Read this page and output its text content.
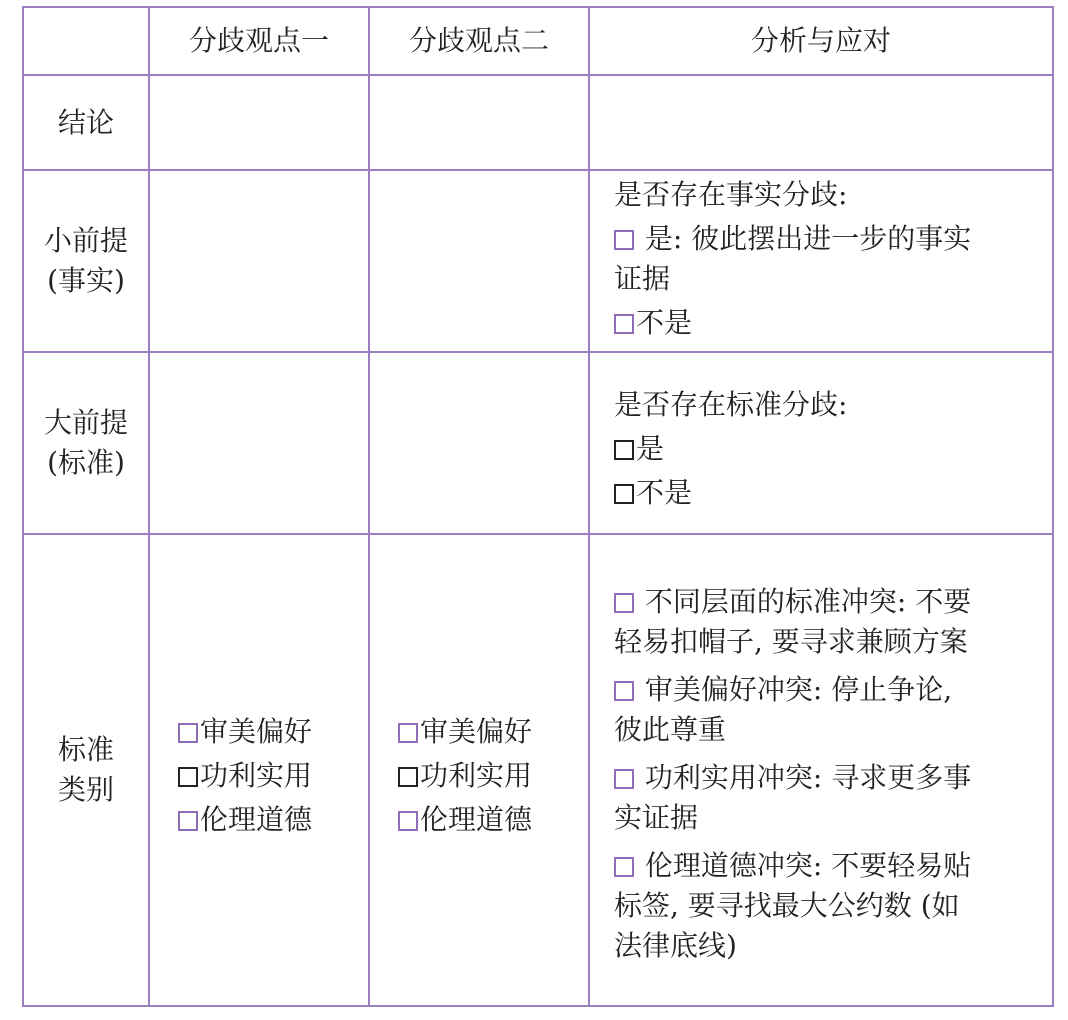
分歧观点一	分歧观点二	分析与应对
结论
小前提
(事实)
是否存在事实分歧:
是: 彼此摆出进一步的事实
证据
不是
大前提
(标准)
是否存在标准分歧:
是
不是
标准
类别
审美偏好
功利实用
伦理道德
审美偏好
功利实用
伦理道德
不同层面的标准冲突: 不要
轻易扣帽子, 要寻求兼顾方案
审美偏好冲突: 停止争论,
彼此尊重
功利实用冲突: 寻求更多事
实证据
伦理道德冲突: 不要轻易贴
标签, 要寻找最大公约数 (如
法律底线)
